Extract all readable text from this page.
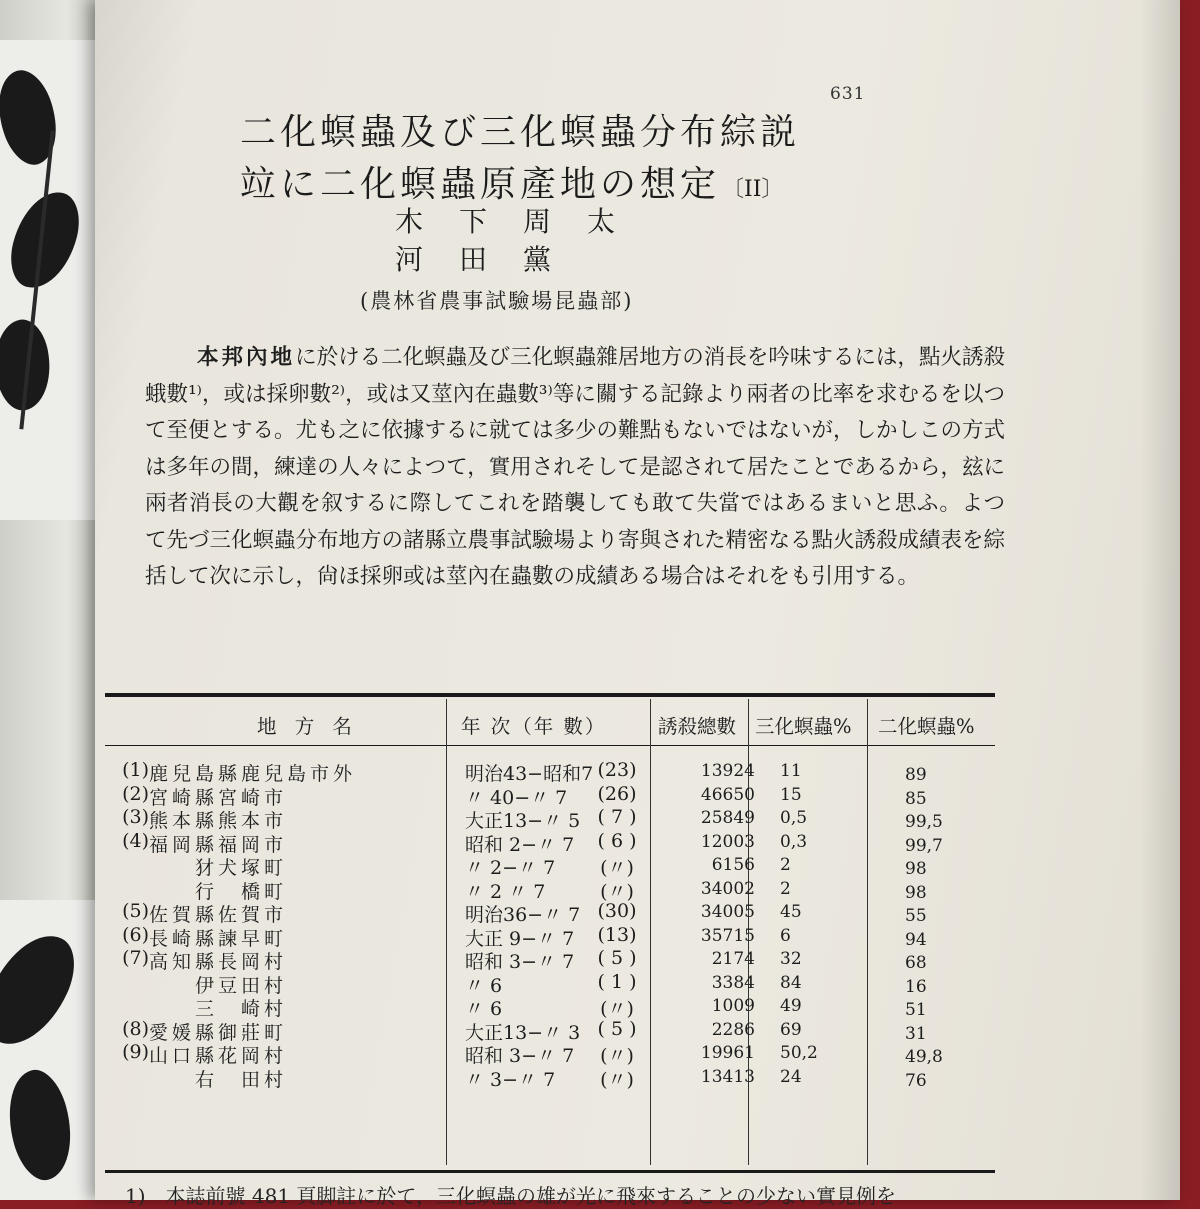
631
二化螟蟲及び三化螟蟲分布綜説
竝に二化螟蟲原產地の想定〔II〕
木下周太
河田黨
(農林省農事試驗場昆蟲部)
本邦內地に於ける二化螟蟲及び三化螟蟲雜居地方の消長を吟味するには，點火誘殺蛾數¹⁾，或は採卵數²⁾，或は又莖內在蟲數³⁾等に關する記錄より兩者の比率を求むるを以つて至便とする。尤も之に依據するに就ては多少の難點もないではないが，しかしこの方式は多年の間，練達の人々によつて，實用されそして是認されて居たことであるから，玆に兩者消長の大觀を叙するに際してこれを踏襲しても敢て失當ではあるまいと思ふ。よつて先づ三化螟蟲分布地方の諸縣立農事試驗場より寄與された精密なる點火誘殺成績表を綜括して次に示し，尙ほ採卵或は莖內在蟲數の成績ある場合はそれをも引用する。
地 方 名	年 次（年 數）	誘殺總數 三化螟蟲% 二化螟蟲%
(1) 鹿兒島縣鹿兒島市外	明治43−昭和7 (23)	13924 11	89
(2) 宮崎縣宮崎市	〃 40−〃 7	(26)	46650 15	85
(3) 熊本縣熊本市	大正13−〃 5 ( 7 )	25849 0,5	99,5
(4) 福岡縣福岡市	昭和 2−〃 7	( 6 )	12003 0,3	99,7
　　犲犬塚町	〃 2−〃 7	(〃)	6156 2	98
　　行　橋町	〃 2 〃 7	(〃)	34002 2	98
(5) 佐賀縣佐賀市	明治36−〃 7 (30)	34005 45	55
(6) 長崎縣諫早町	大正 9−〃 7	(13)	35715 6	94
(7) 高知縣長岡村	昭和 3−〃 7	( 5 )	2174 32	68
　　伊豆田村	〃 6	( 1 )	3384 84	16
　　三　崎村	〃 6	(〃)	1009 49	51
(8) 愛媛縣御莊町	大正13−〃 3 ( 5 )	2286 69	31
(9) 山口縣花岡村	昭和 3−〃 7	(〃)	19961 50,2	49,8
　　右　田村	〃 3−〃 7	(〃)	13413 24	76
1)　本誌前號 481 頁脚註に於て，三化螟蟲の雄が光に飛來することの少ない實見例を
